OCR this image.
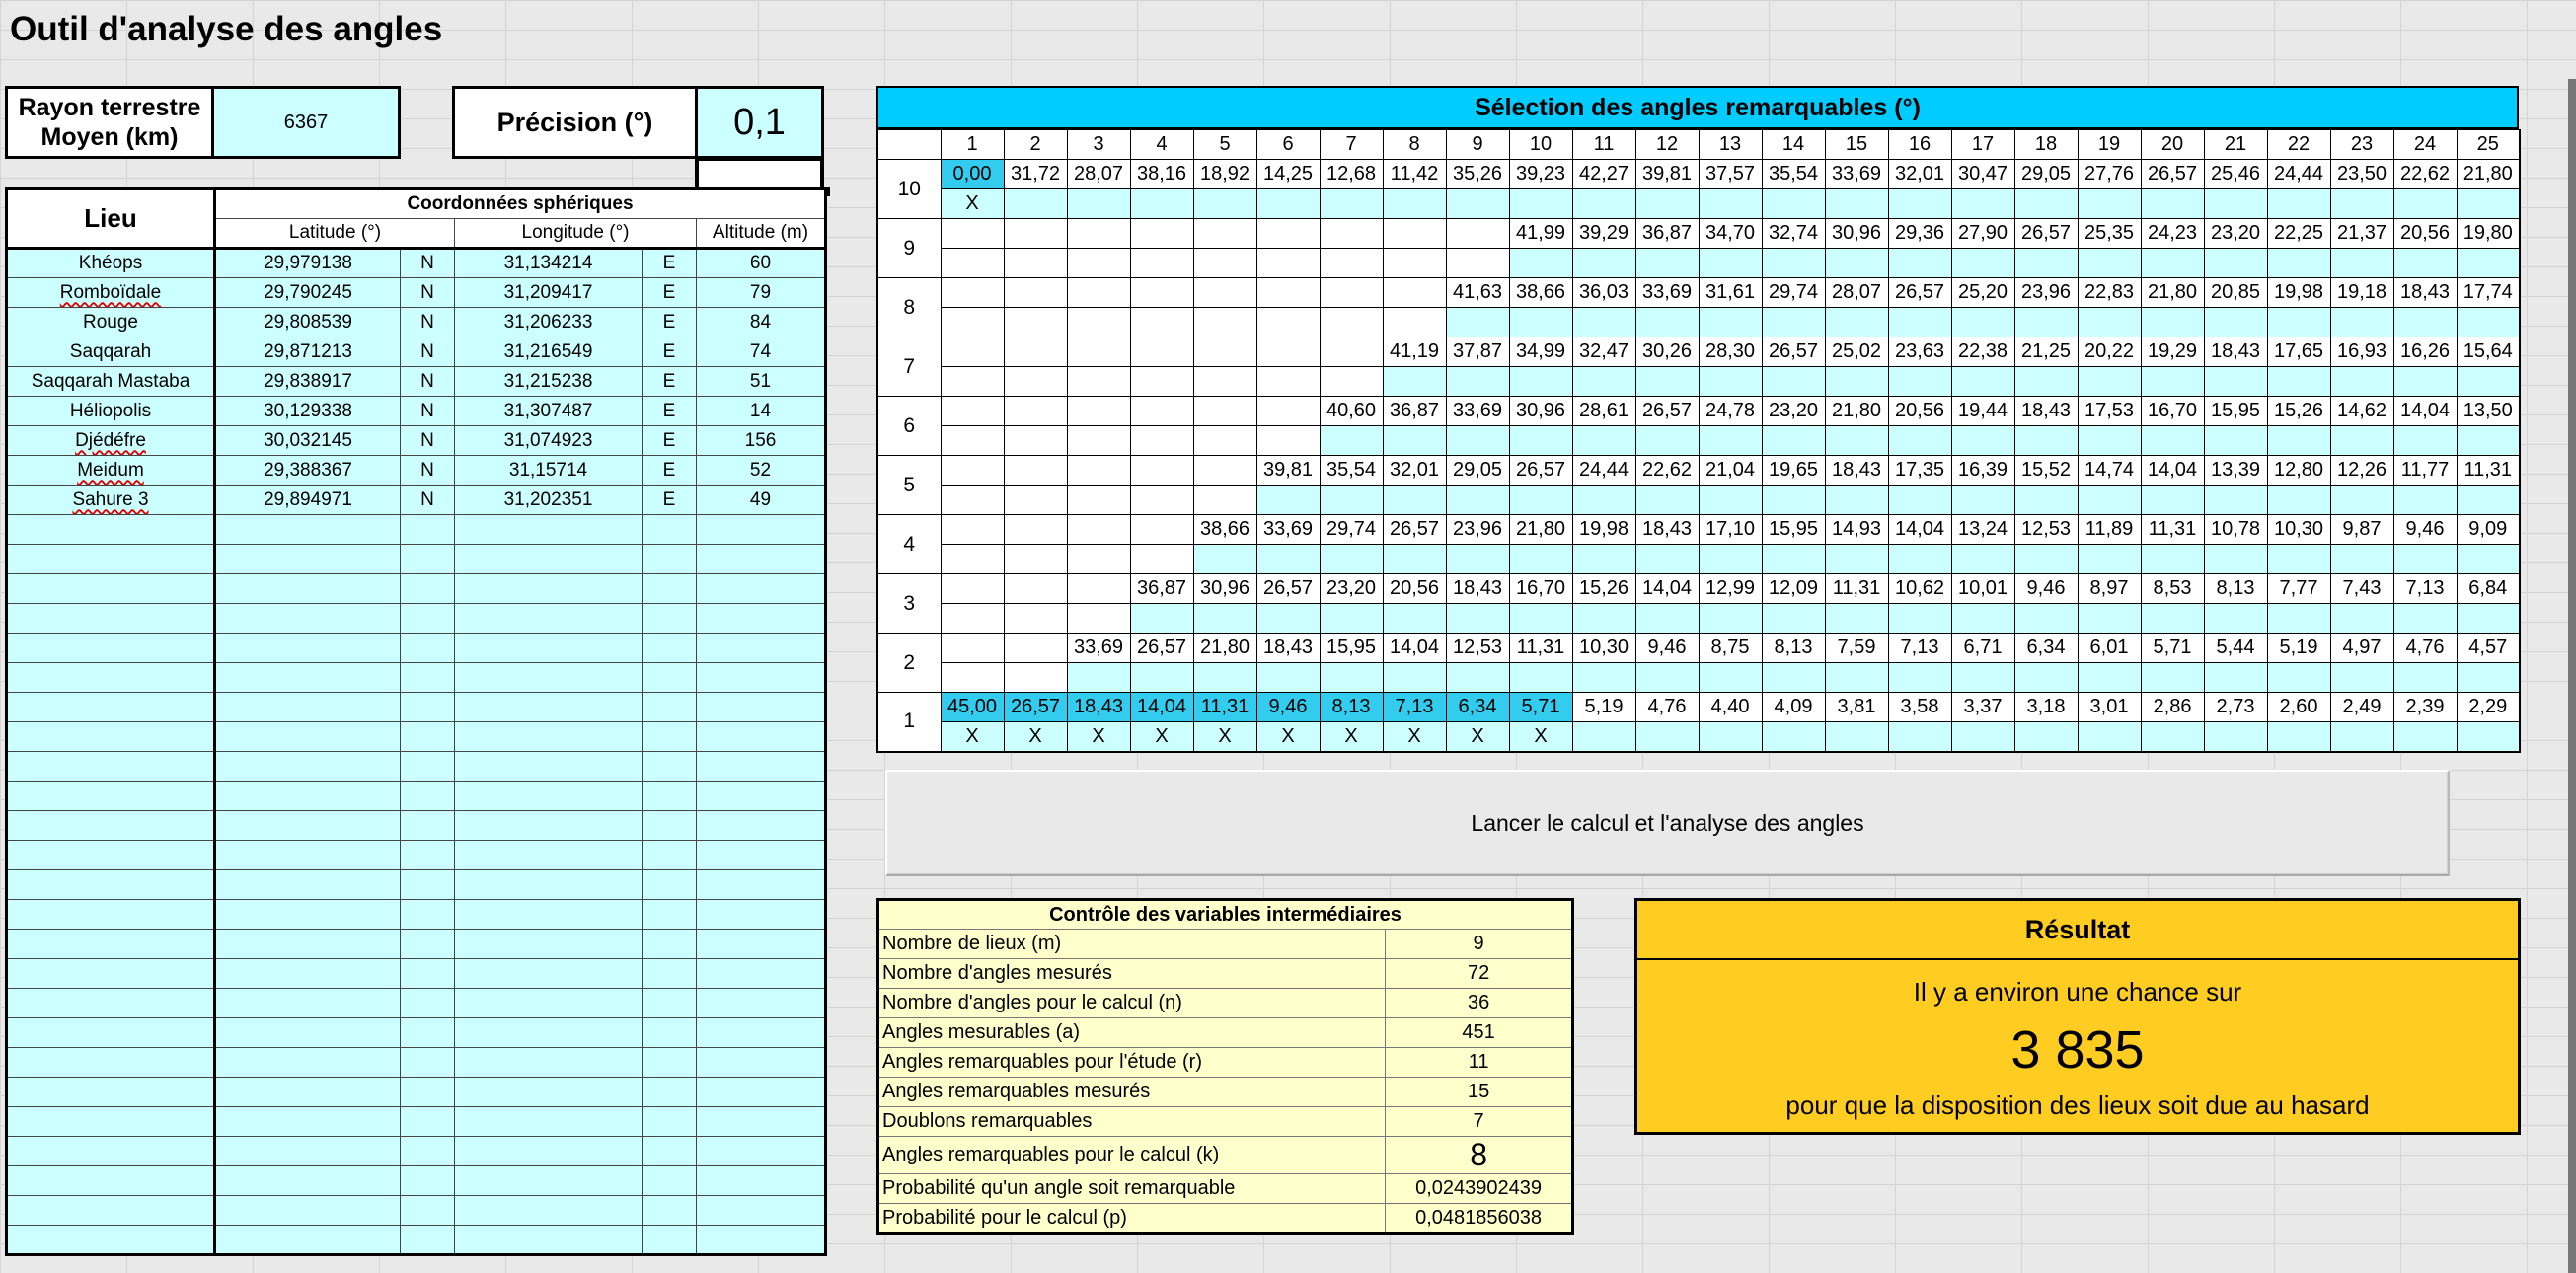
Outil d'analyse des angles
Rayon terrestre Moyen (km)
6367	Précision (°)	0,1
Lieu	Coordonnées sphériques				
	Latitude (°)		Longitude (°)		Altitude (m)
Khéops	29,979138	N	31,134214	E	60
Romboïdale	29,790245	N	31,209417	E	79
Rouge	29,808539	N	31,206233	E	84
Saqqarah	29,871213	N	31,216549	E	74
Saqqarah Mastaba	29,838917	N	31,215238	E	51
Héliopolis	30,129338	N	31,307487	E	14
Djédéfre	30,032145	N	31,074923	E	156
Meidum	29,388367	N	31,15714	E	52
Sahure 3	29,894971	N	31,202351	E	49

Sélection des angles remarquables (°)
	1	2	3	4	5	6	7	8	9	10	11	12	13	14	15	16	17	18	19	20	21	22	23	24	25
10	0,00	31,72	28,07	38,16	18,92	14,25	12,68	11,42	35,26	39,23	42,27	39,81	37,57	35,54	33,69	32,01	30,47	29,05	27,76	26,57	25,46	24,44	23,50	22,62	21,80
	X																								
9										41,99	39,29	36,87	34,70	32,74	30,96	29,36	27,90	26,57	25,35	24,23	23,20	22,25	21,37	20,56	19,80

8									41,63	38,66	36,03	33,69	31,61	29,74	28,07	26,57	25,20	23,96	22,83	21,80	20,85	19,98	19,18	18,43	17,74

7								41,19	37,87	34,99	32,47	30,26	28,30	26,57	25,02	23,63	22,38	21,25	20,22	19,29	18,43	17,65	16,93	16,26	15,64

6							40,60	36,87	33,69	30,96	28,61	26,57	24,78	23,20	21,80	20,56	19,44	18,43	17,53	16,70	15,95	15,26	14,62	14,04	13,50

5						39,81	35,54	32,01	29,05	26,57	24,44	22,62	21,04	19,65	18,43	17,35	16,39	15,52	14,74	14,04	13,39	12,80	12,26	11,77	11,31

4					38,66	33,69	29,74	26,57	23,96	21,80	19,98	18,43	17,10	15,95	14,93	14,04	13,24	12,53	11,89	11,31	10,78	10,30	9,87	9,46	9,09

3				36,87	30,96	26,57	23,20	20,56	18,43	16,70	15,26	14,04	12,99	12,09	11,31	10,62	10,01	9,46	8,97	8,53	8,13	7,77	7,43	7,13	6,84

2			33,69	26,57	21,80	18,43	15,95	14,04	12,53	11,31	10,30	9,46	8,75	8,13	7,59	7,13	6,71	6,34	6,01	5,71	5,44	5,19	4,97	4,76	4,57

1	45,00	26,57	18,43	14,04	11,31	9,46	8,13	7,13	6,34	5,71	5,19	4,76	4,40	4,09	3,81	3,58	3,37	3,18	3,01	2,86	2,73	2,60	2,49	2,39	2,29
	X	X	X	X	X	X	X	X	X	X															
Lancer le calcul et l'analyse des angles
Contrôle des variables intermédiaires	
Nombre de lieux (m)	9
Nombre d'angles mesurés	72
Nombre d'angles pour le calcul (n)	36
Angles mesurables (a)	451
Angles remarquables pour l'étude (r)	11
Angles remarquables mesurés	15
Doublons remarquables	7
Angles remarquables pour le calcul (k)	8
Probabilité qu'un angle soit remarquable	0,0243902439
Probabilité pour le calcul (p)	0,0481856038
Résultat
Il y a environ une chance sur
3 835
pour que la disposition des lieux soit due au hasard
